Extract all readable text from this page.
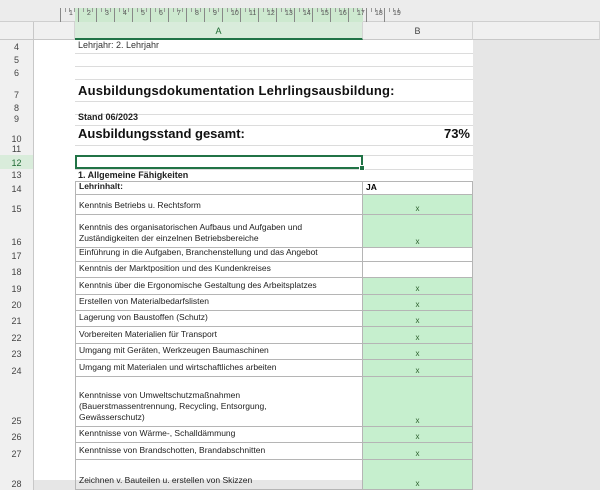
1 2 3 4 5 6 7 8 9 10 11 12 13 14 15 16 17 18 19
A	B
4
5
6
7
8
9
10
11
12
13
14
15
16
17
18
19
20
21
22
23
24
25
26
27
28
Lehrjahr: 2. Lehrjahr
Ausbildungsdokumentation Lehrlingsausbildung:
Stand 06/2023
Ausbildungsstand gesamt:	73%
1. Allgemeine Fähigkeiten
Lehrinhalt:	JA
Kenntnis Betriebs u. Rechtsform	x
Kenntnis des organisatorischen Aufbaus und Aufgaben und
Zuständigkeiten der einzelnen Betriebsbereiche	x
Einführung in die Aufgaben, Branchenstellung und das Angebot
Kenntnis der Marktposition und des Kundenkreises
Kenntnis über die Ergonomische Gestaltung des Arbeitsplatzes	x
Erstellen von Materialbedarfslisten	x
Lagerung von Baustoffen (Schutz)	x
Vorbereiten Materialien für Transport	x
Umgang mit Geräten, Werkzeugen Baumaschinen	x
Umgang mit Materialen und wirtschaftliches arbeiten	x
Kenntnisse von Umweltschutzmaßnahmen
(Bauerstmassentrennung, Recycling, Entsorgung,
Gewässerschutz)	x
Kenntnisse von Wärme-, Schalldämmung	x
Kenntnisse von Brandschotten, Brandabschnitten	x
Zeichnen v. Bauteilen u. erstellen von Skizzen	x
